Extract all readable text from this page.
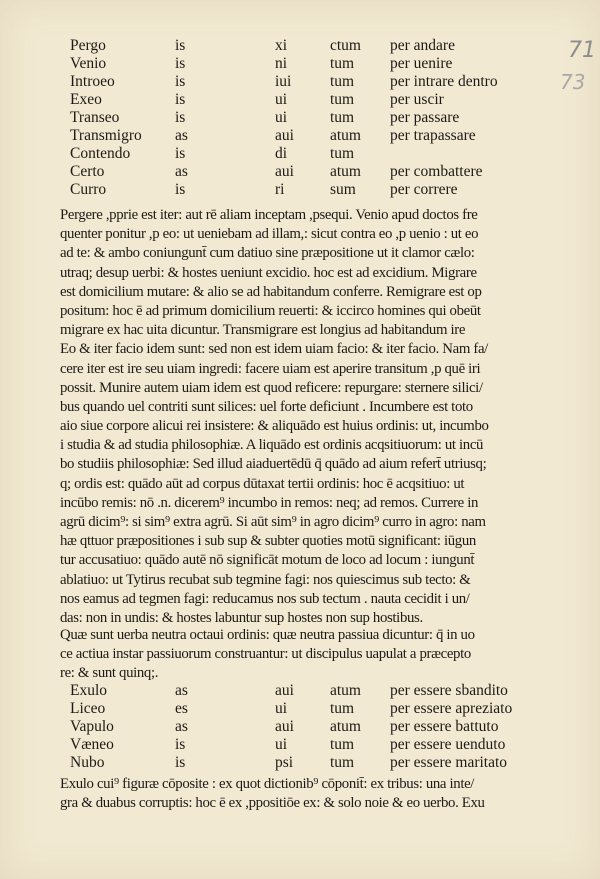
71
73
Pergo	is	xi	ctum	per andare
Venio	is	ni	tum	per uenire
Introeo	is	iui	tum	per intrare dentro
Exeo	is	ui	tum	per uscir
Transeo	is	ui	tum	per passare
Transmigro	as	aui	atum	per trapassare
Contendo	is	di	tum
Certo	as	aui	atum	per combattere
Curro	is	ri	sum	per correre
Pergere ,pprie est iter: aut rē aliam inceptam ,psequi. Venio apud doctos fre
quenter ponitur ,p eo: ut ueniebam ad illam,: sicut contra eo ,p uenio : ut eo
ad te: & ambo coniungunt̄ cum datiuo sine præpositione ut it clamor cælo:
utraq; desup uerbi: & hostes ueniunt excidio. hoc est ad excidium. Migrare
est domicilium mutare: & alio se ad habitandum conferre. Remigrare est op
positum: hoc ē ad primum domicilium reuerti: & iccirco homines qui obeūt
migrare ex hac uita dicuntur. Transmigrare est longius ad habitandum ire
Eo & iter facio idem sunt: sed non est idem uiam facio: & iter facio. Nam fa/
cere iter est ire seu uiam ingredi: facere uiam est aperire transitum ,p quē iri
possit. Munire autem uiam idem est quod reficere: repurgare: sternere silici/
bus quando uel contriti sunt silices: uel forte deficiunt . Incumbere est toto
aio siue corpore alicui rei insistere: & aliquādo est huius ordinis: ut, incumbo
i studia & ad studia philosophiæ. A liquādo est ordinis acqsitiuorum: ut incū
bo studiis philosophiæ: Sed illud aiaduertēdū q̄ quādo ad aium refert̄ utriusq;
q; ordis est: quādo aūt ad corpus dūtaxat tertii ordinis: hoc ē acqsitiuo: ut
incūbo remis: nō .n. dicerem⁹ incumbo in remos: neq; ad remos. Currere in
agrū dicim⁹: si sim⁹ extra agrū. Si aūt sim⁹ in agro dicim⁹ curro in agro: nam
hæ qttuor præpositiones i sub sup & subter quoties motū significant: iūgun
tur accusatiuo: quādo autē nō significāt motum de loco ad locum : iungunt̄
ablatiuo: ut Tytirus recubat sub tegmine fagi: nos quiescimus sub tecto: &
nos eamus ad tegmen fagi: reducamus nos sub tectum . nauta cecidit i un/
das: non in undis: & hostes labuntur sup hostes non sup hostibus.
Quæ sunt uerba neutra octaui ordinis: quæ neutra passiua dicuntur: q̄ in uo
ce actiua instar passiuorum construantur: ut discipulus uapulat a præcepto
re: & sunt quinq;.
Exulo	as	aui	atum	per essere sbandito
Liceo	es	ui	tum	per essere apreziato
Vapulo	as	aui	atum	per essere battuto
Væneo	is	ui	tum	per essere uenduto
Nubo	is	psi	tum	per essere maritato
Exulo cui⁹ figuræ cōposite : ex quot dictionib⁹ cōponit̄: ex tribus: una inte/
gra & duabus corruptis: hoc ē ex ,ppositiōe ex: & solo noie & eo uerbo. Exu
